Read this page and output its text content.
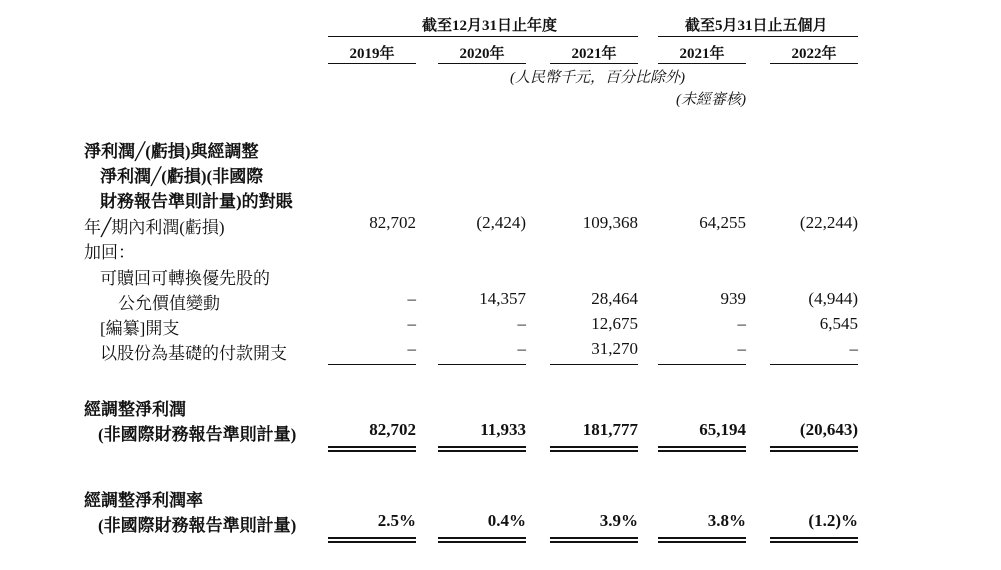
截至12月31日止年度	截至5月31日止五個月
2019年	2020年	2021年	2021年	2022年
(人民幣千元，百分比除外)
(未經審核)
淨利潤╱(虧損)與經調整
淨利潤╱(虧損)(非國際
財務報告準則計量)的對賬
年╱期內利潤(虧損)	82,702	(2,424)	109,368	64,255	(22,244)
加回：
可贖回可轉換優先股的
公允價值變動	–	14,357	28,464	939	(4,944)
[編纂]開支	–	–	12,675	–	6,545
以股份為基礎的付款開支	–	–	31,270	–	–
經調整淨利潤
(非國際財務報告準則計量)	82,702	11,933	181,777	65,194	(20,643)
經調整淨利潤率
(非國際財務報告準則計量)	2.5%	0.4%	3.9%	3.8%	(1.2)%
